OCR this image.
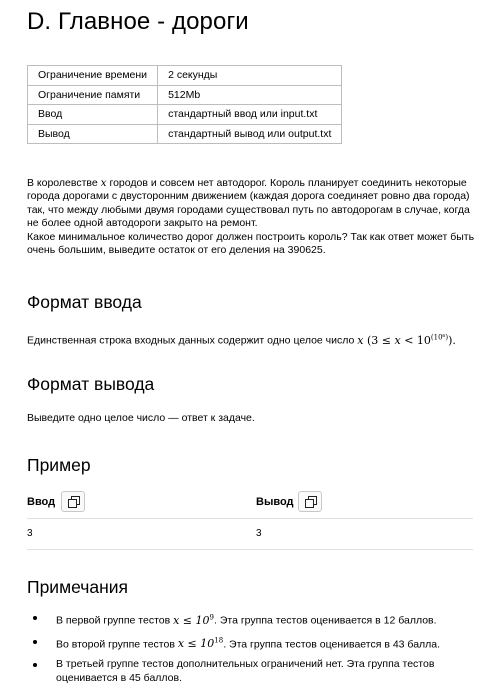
D. Главное - дороги
Ограничение времени	2 секунды
Ограничение памяти	512Mb
Ввод	стандартный ввод или input.txt
Вывод	стандартный вывод или output.txt

В королевстве x городов и совсем нет автодорог. Король планирует соединить некоторые города дорогами с двусторонним движением (каждая дорога соединяет ровно два города) так, что между любыми двумя городами существовал путь по автодорогам в случае, когда не более одной автодороги закрыто на ремонт.

Какое минимальное количество дорог должен построить король? Так как ответ может быть очень большим, выведите остаток от его деления на 390625.

Формат ввода

Единственная строка входных данных содержит одно целое число x $(3 \le x < 10^{(10^6)})$.

Формат вывода

Выведите одно целое число — ответ к задаче.

Пример
Ввод	Вывод
3	3
Примечания
В первой группе тестов $x \le 10^9$. Эта группа тестов оценивается в 12 баллов.
Во второй группе тестов $x \le 10^{18}$. Эта группа тестов оценивается в 43 балла.
В третьей группе тестов дополнительных ограничений нет. Эта группа тестов оценивается в 45 баллов.
